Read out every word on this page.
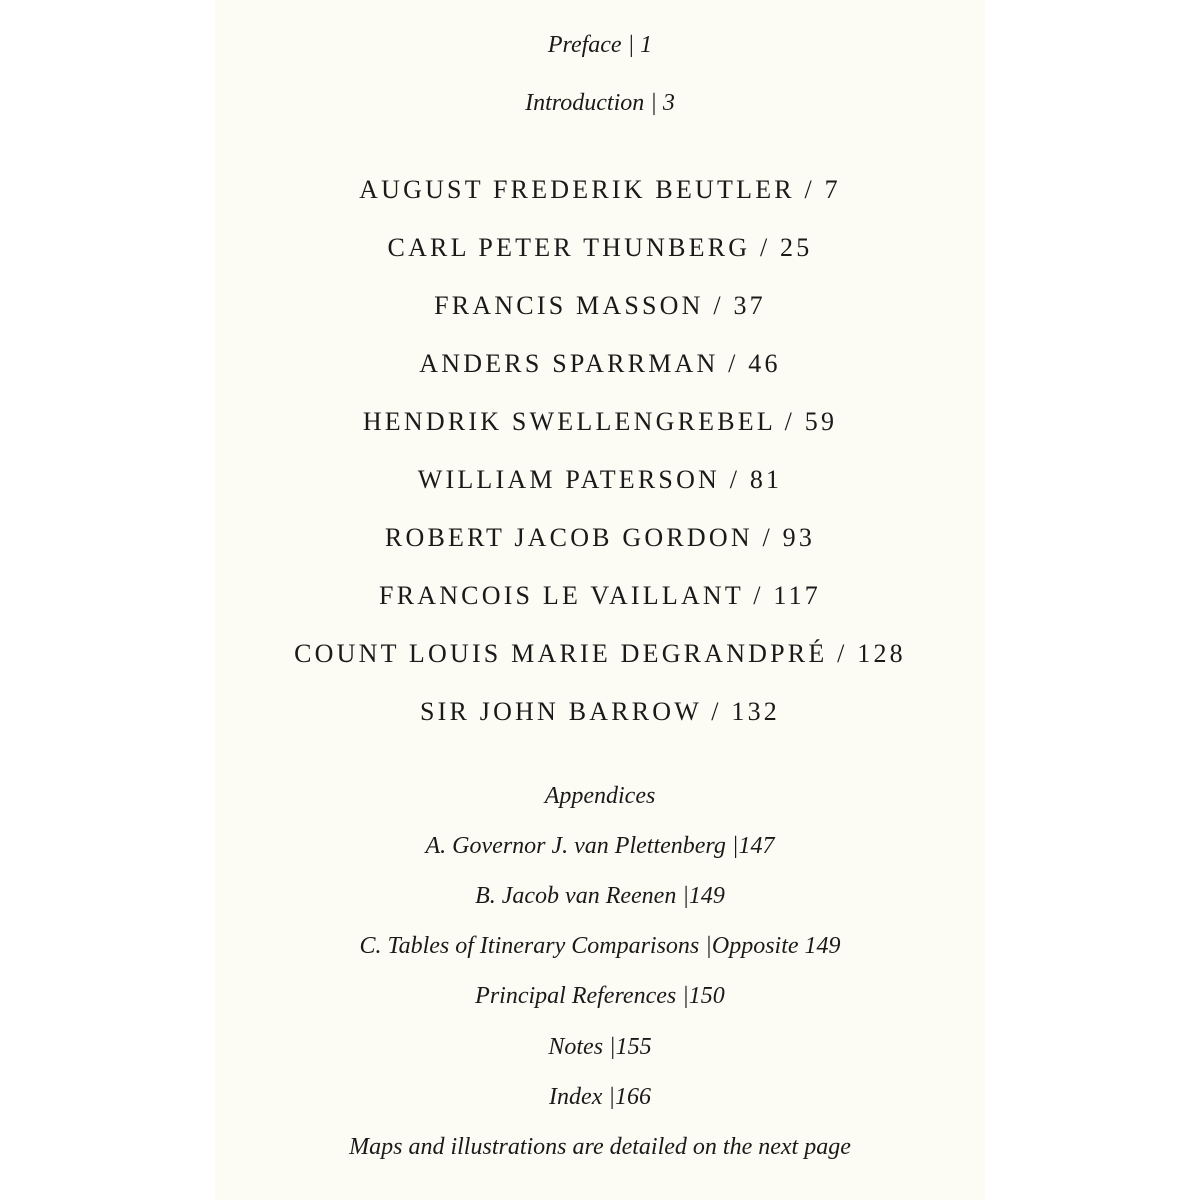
Preface | 1
Introduction | 3
AUGUST FREDERIK BEUTLER / 7
CARL PETER THUNBERG / 25
FRANCIS MASSON / 37
ANDERS SPARRMAN / 46
HENDRIK SWELLENGREBEL / 59
WILLIAM PATERSON / 81
ROBERT JACOB GORDON / 93
FRANCOIS LE VAILLANT / 117
COUNT LOUIS MARIE DEGRANDPRÉ / 128
SIR JOHN BARROW / 132
Appendices
A. Governor J. van Plettenberg |147
B. Jacob van Reenen |149
C. Tables of Itinerary Comparisons |Opposite 149
Principal References |150
Notes |155
Index |166
Maps and illustrations are detailed on the next page
